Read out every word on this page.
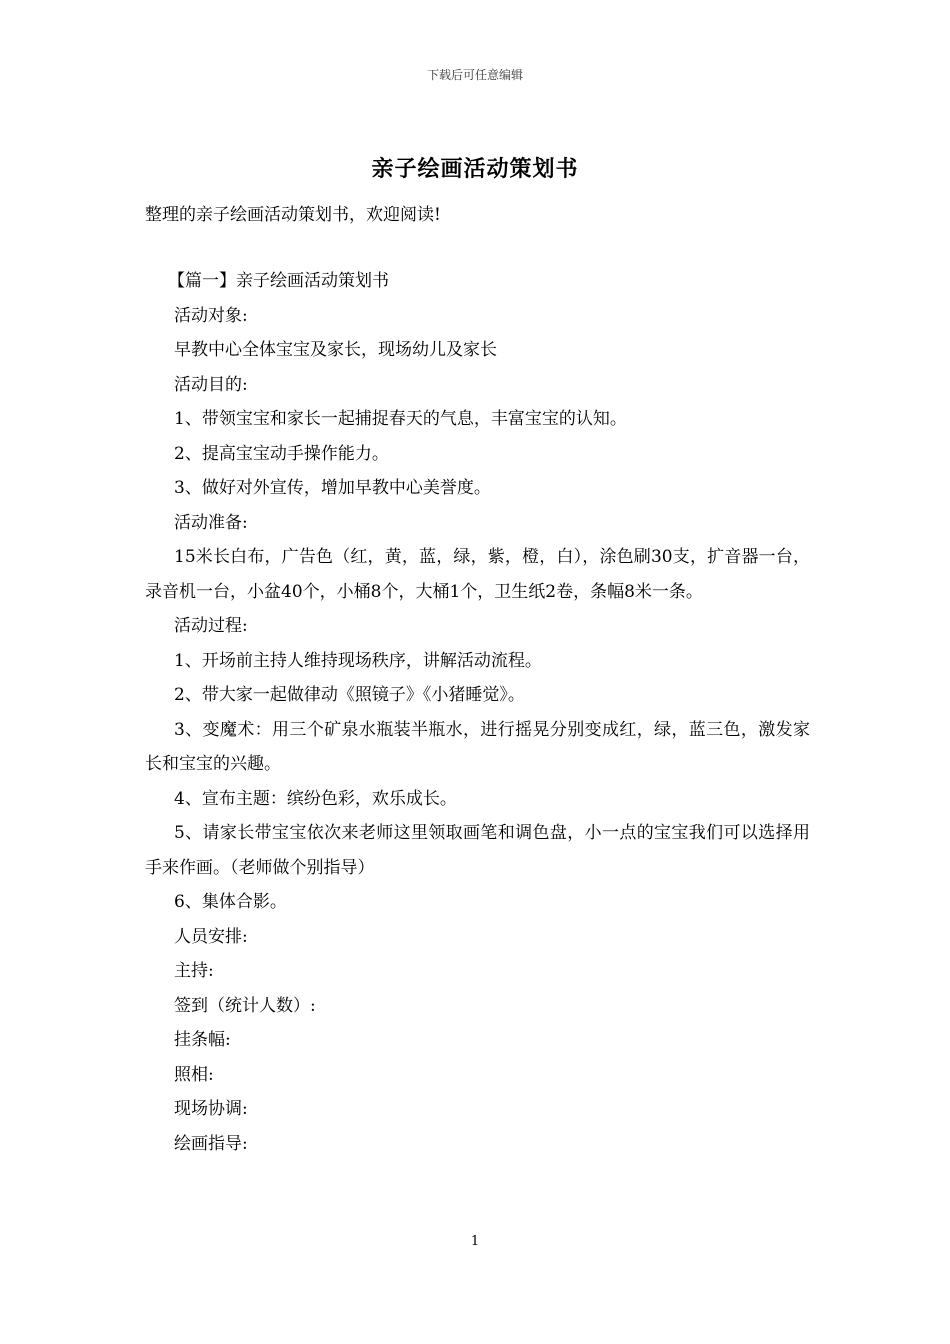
下载后可任意编辑
亲子绘画活动策划书
整理的亲子绘画活动策划书，欢迎阅读!

【篇一】亲子绘画活动策划书

活动对象:

早教中心全体宝宝及家长，现场幼儿及家长

活动目的:

1、带领宝宝和家长一起捕捉春天的气息，丰富宝宝的认知。

2、提高宝宝动手操作能力。

3、做好对外宣传，增加早教中心美誉度。

活动准备:

15米长白布，广告色（红，黄，蓝，绿，紫，橙，白），涂色刷30支，扩音器一台，录音机一台，小盆40个，小桶8个，大桶1个，卫生纸2卷，条幅8米一条。

活动过程:

1、开场前主持人维持现场秩序，讲解活动流程。

2、带大家一起做律动《照镜子》《小猪睡觉》。

3、变魔术：用三个矿泉水瓶装半瓶水，进行摇晃分别变成红，绿，蓝三色，激发家长和宝宝的兴趣。

4、宣布主题：缤纷色彩，欢乐成长。

5、请家长带宝宝依次来老师这里领取画笔和调色盘，小一点的宝宝我们可以选择用手来作画。（老师做个别指导）

6、集体合影。

人员安排:

主持:

签到（统计人数）:

挂条幅:

照相:

现场协调:

绘画指导:

1
